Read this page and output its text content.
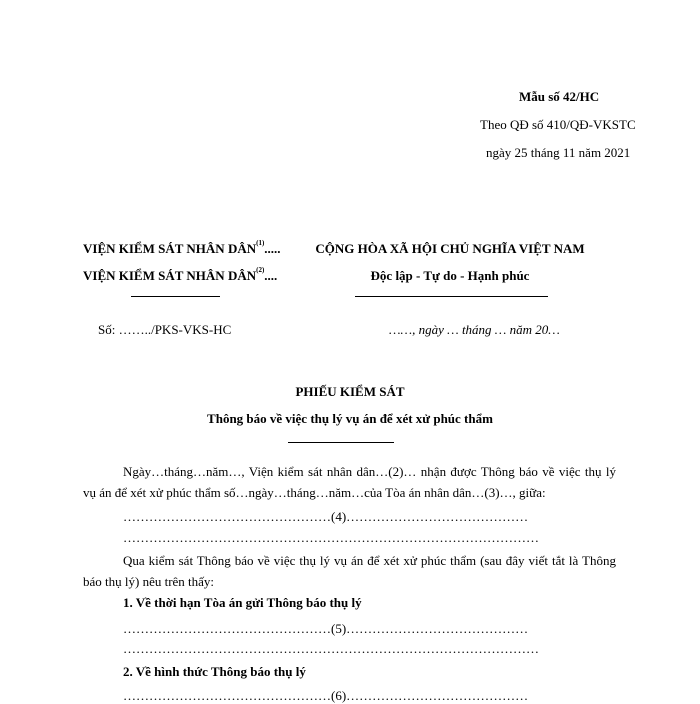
Mẫu số 42/HC
Theo QĐ số 410/QĐ-VKSTC
ngày 25 tháng 11 năm 2021
VIỆN KIỂM SÁT NHÂN DÂN$^{(1)}$.....
VIỆN KIỂM SÁT NHÂN DÂN$^{(2)}$....
Số: ……../PKS-VKS-HC
CỘNG HÒA XÃ HỘI CHỦ NGHĨA VIỆT NAM
Độc lập - Tự do - Hạnh phúc
……, ngày … tháng … năm 20…
PHIẾU KIỂM SÁT
Thông báo về việc thụ lý vụ án để xét xử phúc thẩm
Ngày…tháng…năm…, Viện kiểm sát nhân dân…(2)… nhận được Thông báo về việc thụ lý vụ án để xét xử phúc thẩm số…ngày…tháng…năm…của Tòa án nhân dân…(3)…, giữa:
…………………………………………(4)……………………………………
……………………………………………………………………………………
Qua kiểm sát Thông báo về việc thụ lý vụ án để xét xử phúc thẩm (sau đây viết tắt là Thông báo thụ lý) nêu trên thấy:
1. Về thời hạn Tòa án gửi Thông báo thụ lý
…………………………………………(5)……………………………………
……………………………………………………………………………………
2. Về hình thức Thông báo thụ lý
…………………………………………(6)……………………………………
